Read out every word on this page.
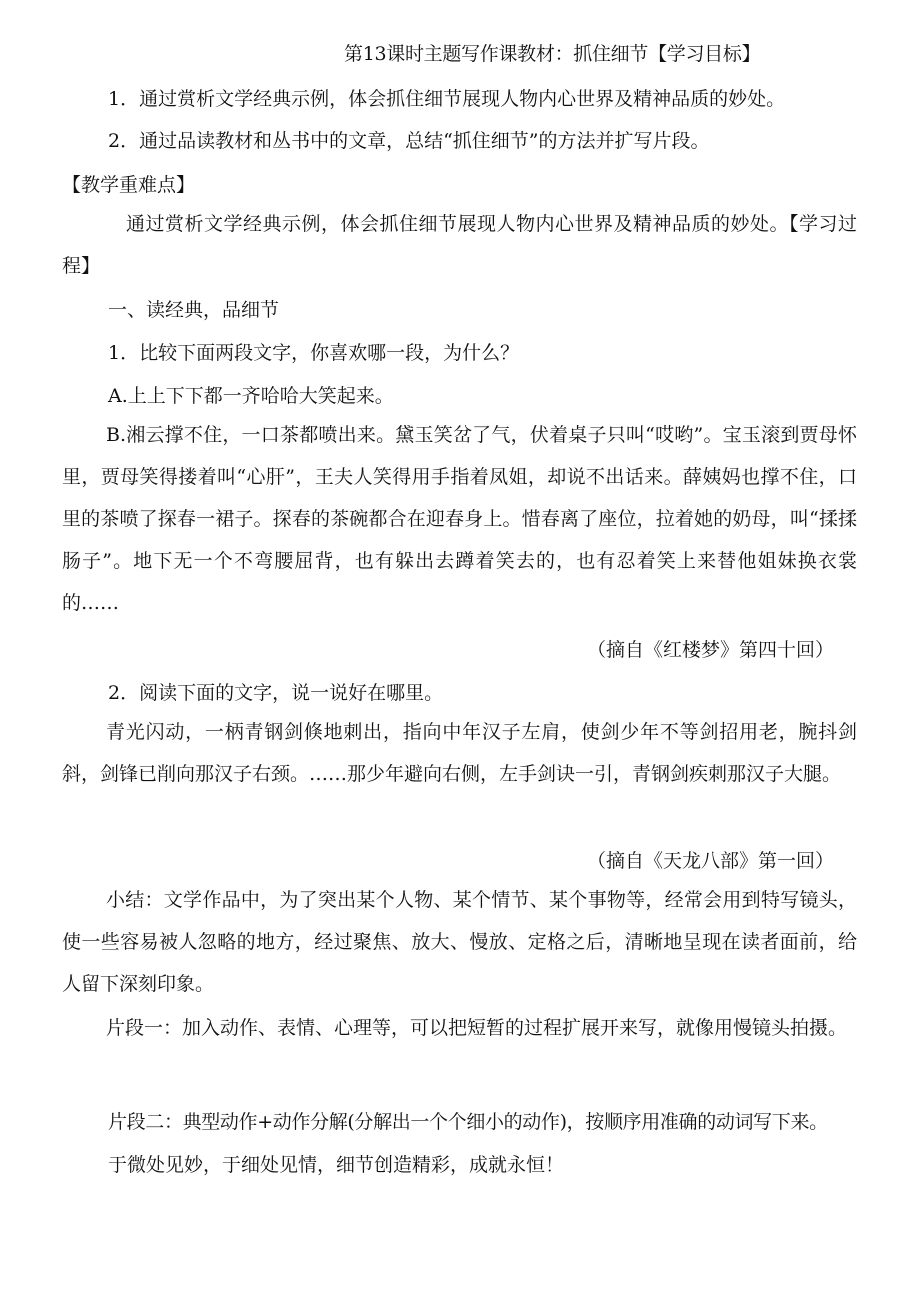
第13课时主题写作课教材：抓住细节【学习目标】
1．通过赏析文学经典示例，体会抓住细节展现人物内心世界及精神品质的妙处。
2．通过品读教材和丛书中的文章，总结“抓住细节”的方法并扩写片段。
【教学重难点】
通过赏析文学经典示例，体会抓住细节展现人物内心世界及精神品质的妙处。【学习过程】
一、读经典，品细节
1．比较下面两段文字，你喜欢哪一段，为什么？
A.上上下下都一齐哈哈大笑起来。
B.湘云撑不住，一口茶都喷出来。黛玉笑岔了气，伏着桌子只叫“哎哟”。宝玉滚到贾母怀里，贾母笑得搂着叫“心肝”，王夫人笑得用手指着凤姐，却说不出话来。薛姨妈也撑不住，口里的茶喷了探春一裙子。探春的茶碗都合在迎春身上。惜春离了座位，拉着她的奶母，叫“揉揉肠子”。地下无一个不弯腰屈背，也有躲出去蹲着笑去的，也有忍着笑上来替他姐妹换衣裳的……
（摘自《红楼梦》第四十回）
2．阅读下面的文字，说一说好在哪里。
青光闪动，一柄青钢剑倏地刺出，指向中年汉子左肩，使剑少年不等剑招用老，腕抖剑斜，剑锋已削向那汉子右颈。……那少年避向右侧，左手剑诀一引，青钢剑疾刺那汉子大腿。
（摘自《天龙八部》第一回）
小结：文学作品中，为了突出某个人物、某个情节、某个事物等，经常会用到特写镜头，使一些容易被人忽略的地方，经过聚焦、放大、慢放、定格之后，清晰地呈现在读者面前，给人留下深刻印象。
片段一：加入动作、表情、心理等，可以把短暂的过程扩展开来写，就像用慢镜头拍摄。
片段二：典型动作+动作分解(分解出一个个细小的动作)，按顺序用准确的动词写下来。
于微处见妙，于细处见情，细节创造精彩，成就永恒！
